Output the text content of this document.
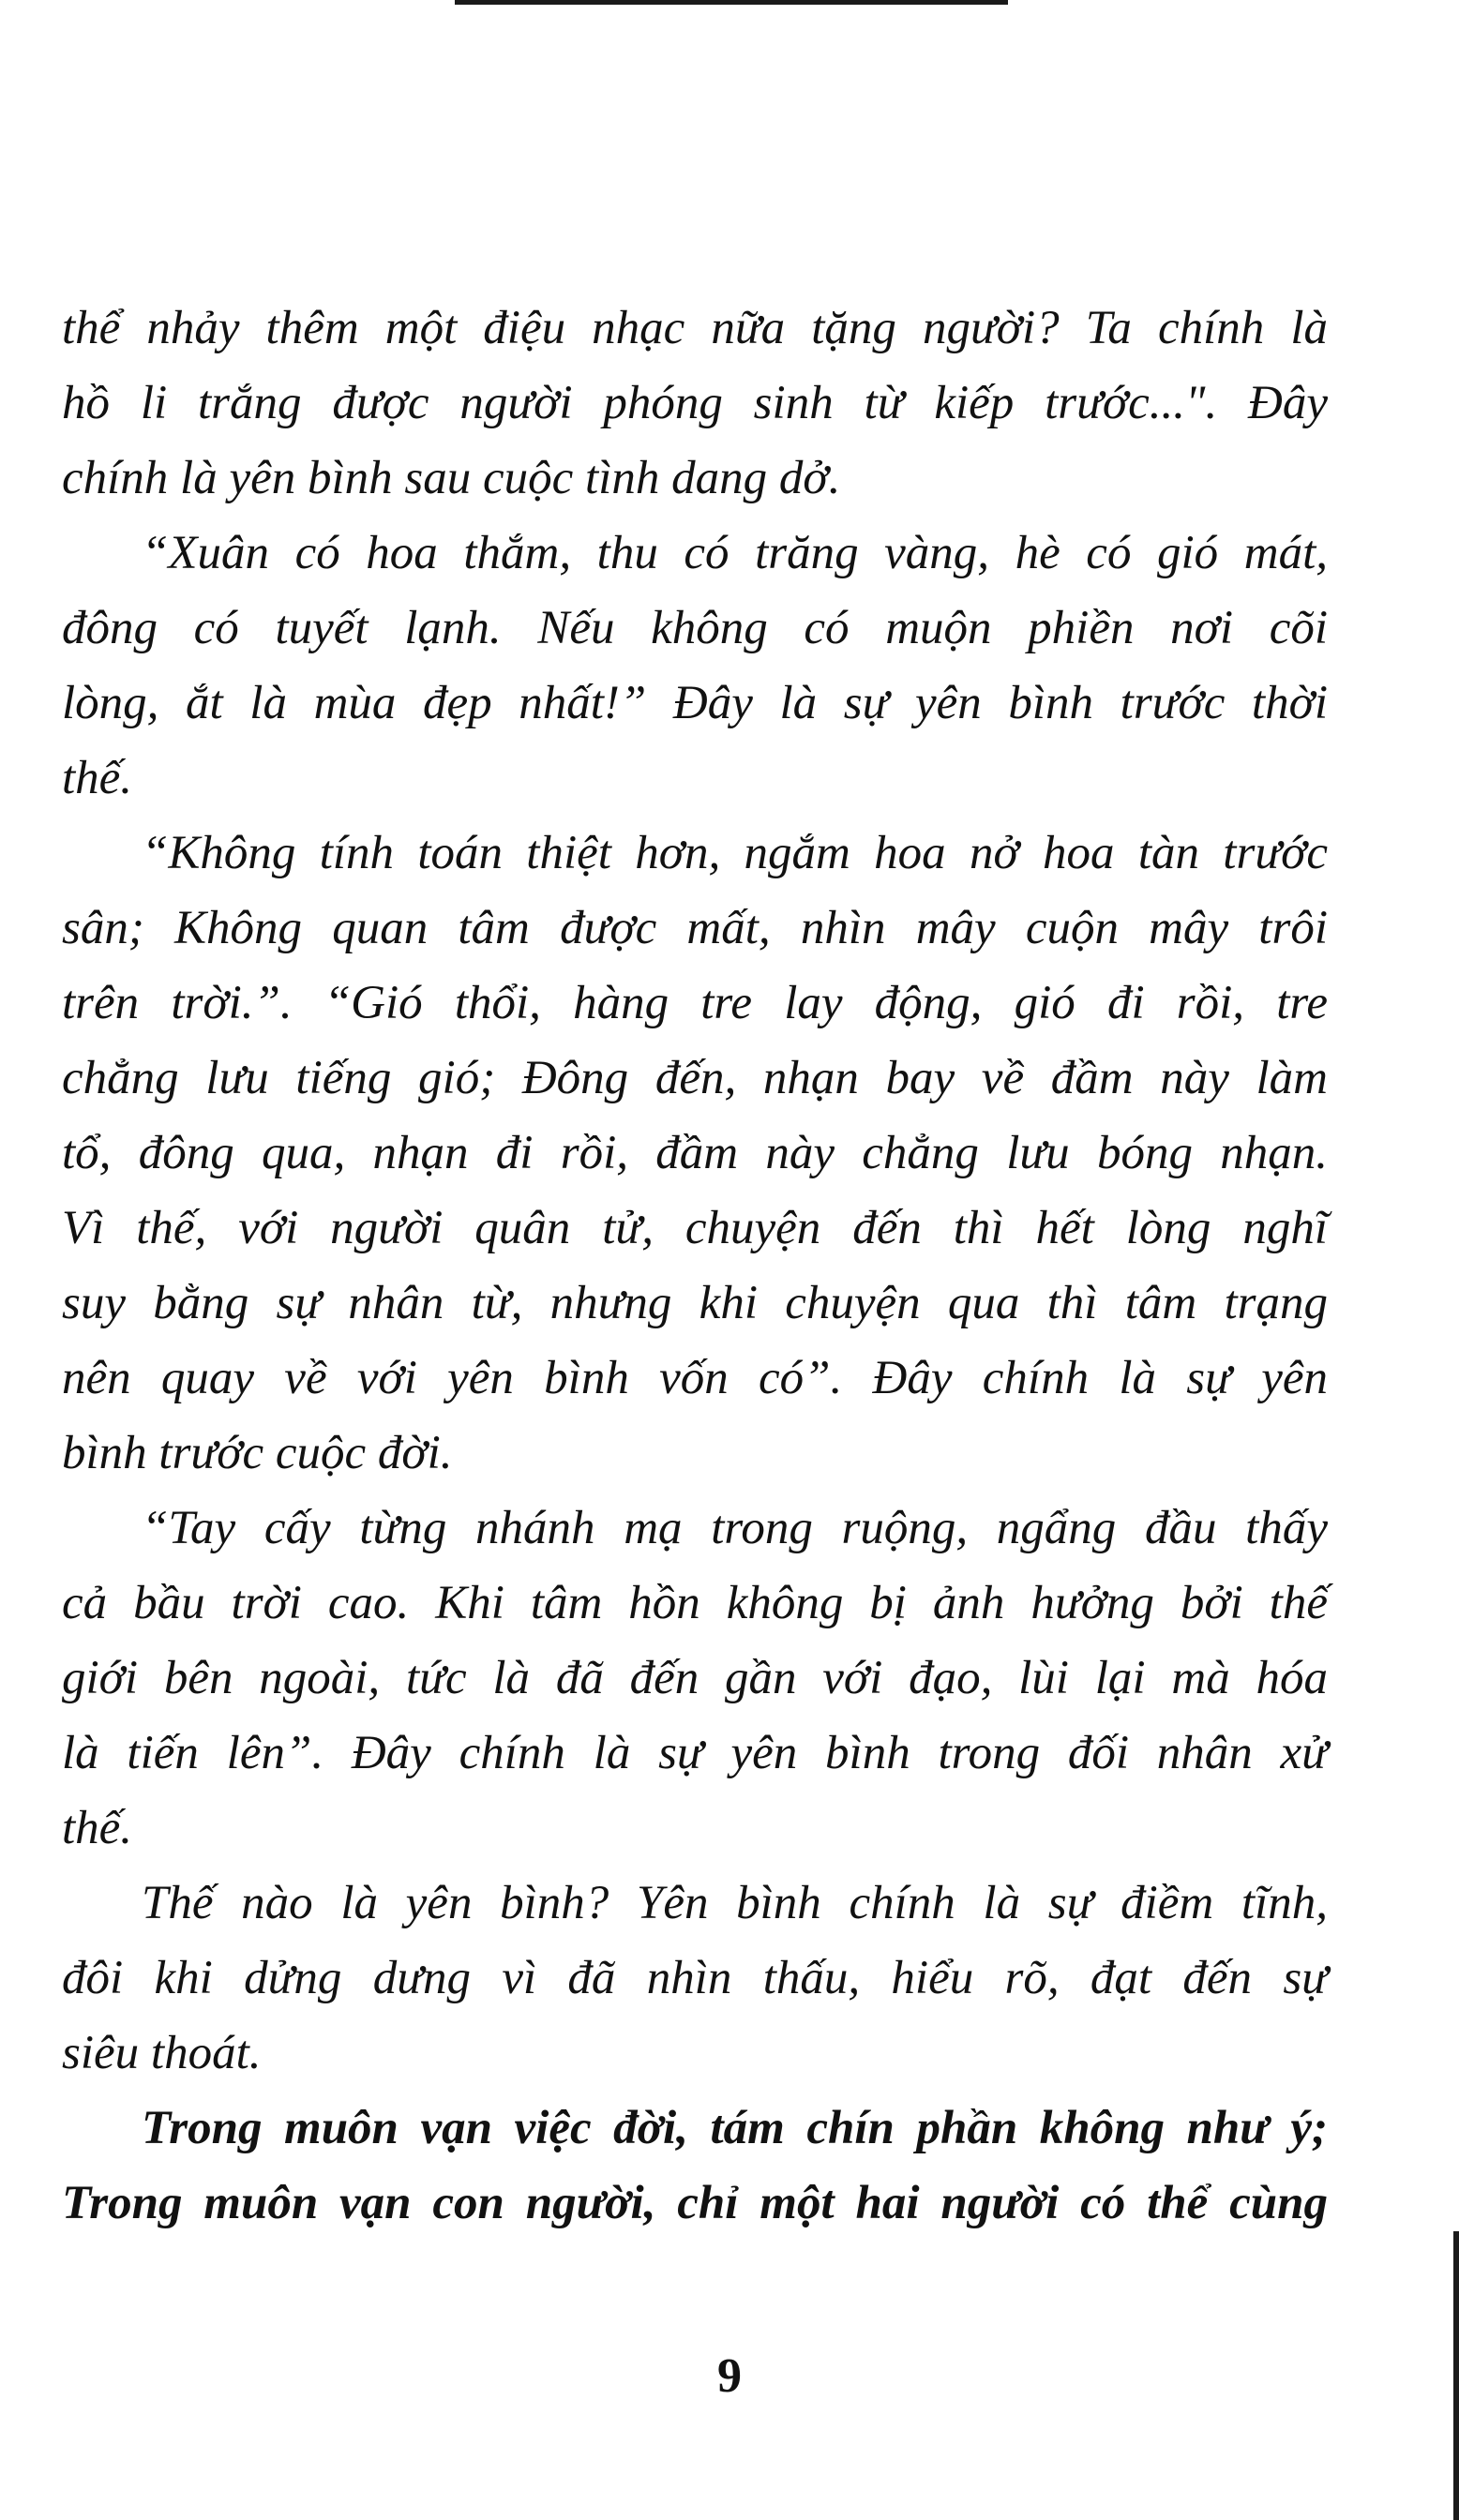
thể nhảy thêm một điệu nhạc nữa tặng người? Ta chính là
hồ li trắng được người phóng sinh từ kiếp trước...". Đây
chính là yên bình sau cuộc tình dang dở.
“Xuân có hoa thắm, thu có trăng vàng, hè có gió mát,
đông có tuyết lạnh. Nếu không có muộn phiền nơi cõi
lòng, ắt là mùa đẹp nhất!” Đây là sự yên bình trước thời
thế.
“Không tính toán thiệt hơn, ngắm hoa nở hoa tàn trước
sân; Không quan tâm được mất, nhìn mây cuộn mây trôi
trên trời.”. “Gió thổi, hàng tre lay động, gió đi rồi, tre
chẳng lưu tiếng gió; Đông đến, nhạn bay về đầm này làm
tổ, đông qua, nhạn đi rồi, đầm này chẳng lưu bóng nhạn.
Vì thế, với người quân tử, chuyện đến thì hết lòng nghĩ
suy bằng sự nhân từ, nhưng khi chuyện qua thì tâm trạng
nên quay về với yên bình vốn có”. Đây chính là sự yên
bình trước cuộc đời.
“Tay cấy từng nhánh mạ trong ruộng, ngẩng đầu thấy
cả bầu trời cao. Khi tâm hồn không bị ảnh hưởng bởi thế
giới bên ngoài, tức là đã đến gần với đạo, lùi lại mà hóa
là tiến lên”. Đây chính là sự yên bình trong đối nhân xử
thế.
Thế nào là yên bình? Yên bình chính là sự điềm tĩnh,
đôi khi dửng dưng vì đã nhìn thấu, hiểu rõ, đạt đến sự
siêu thoát.
Trong muôn vạn việc đời, tám chín phần không như ý;
Trong muôn vạn con người, chỉ một hai người có thể cùng
9
